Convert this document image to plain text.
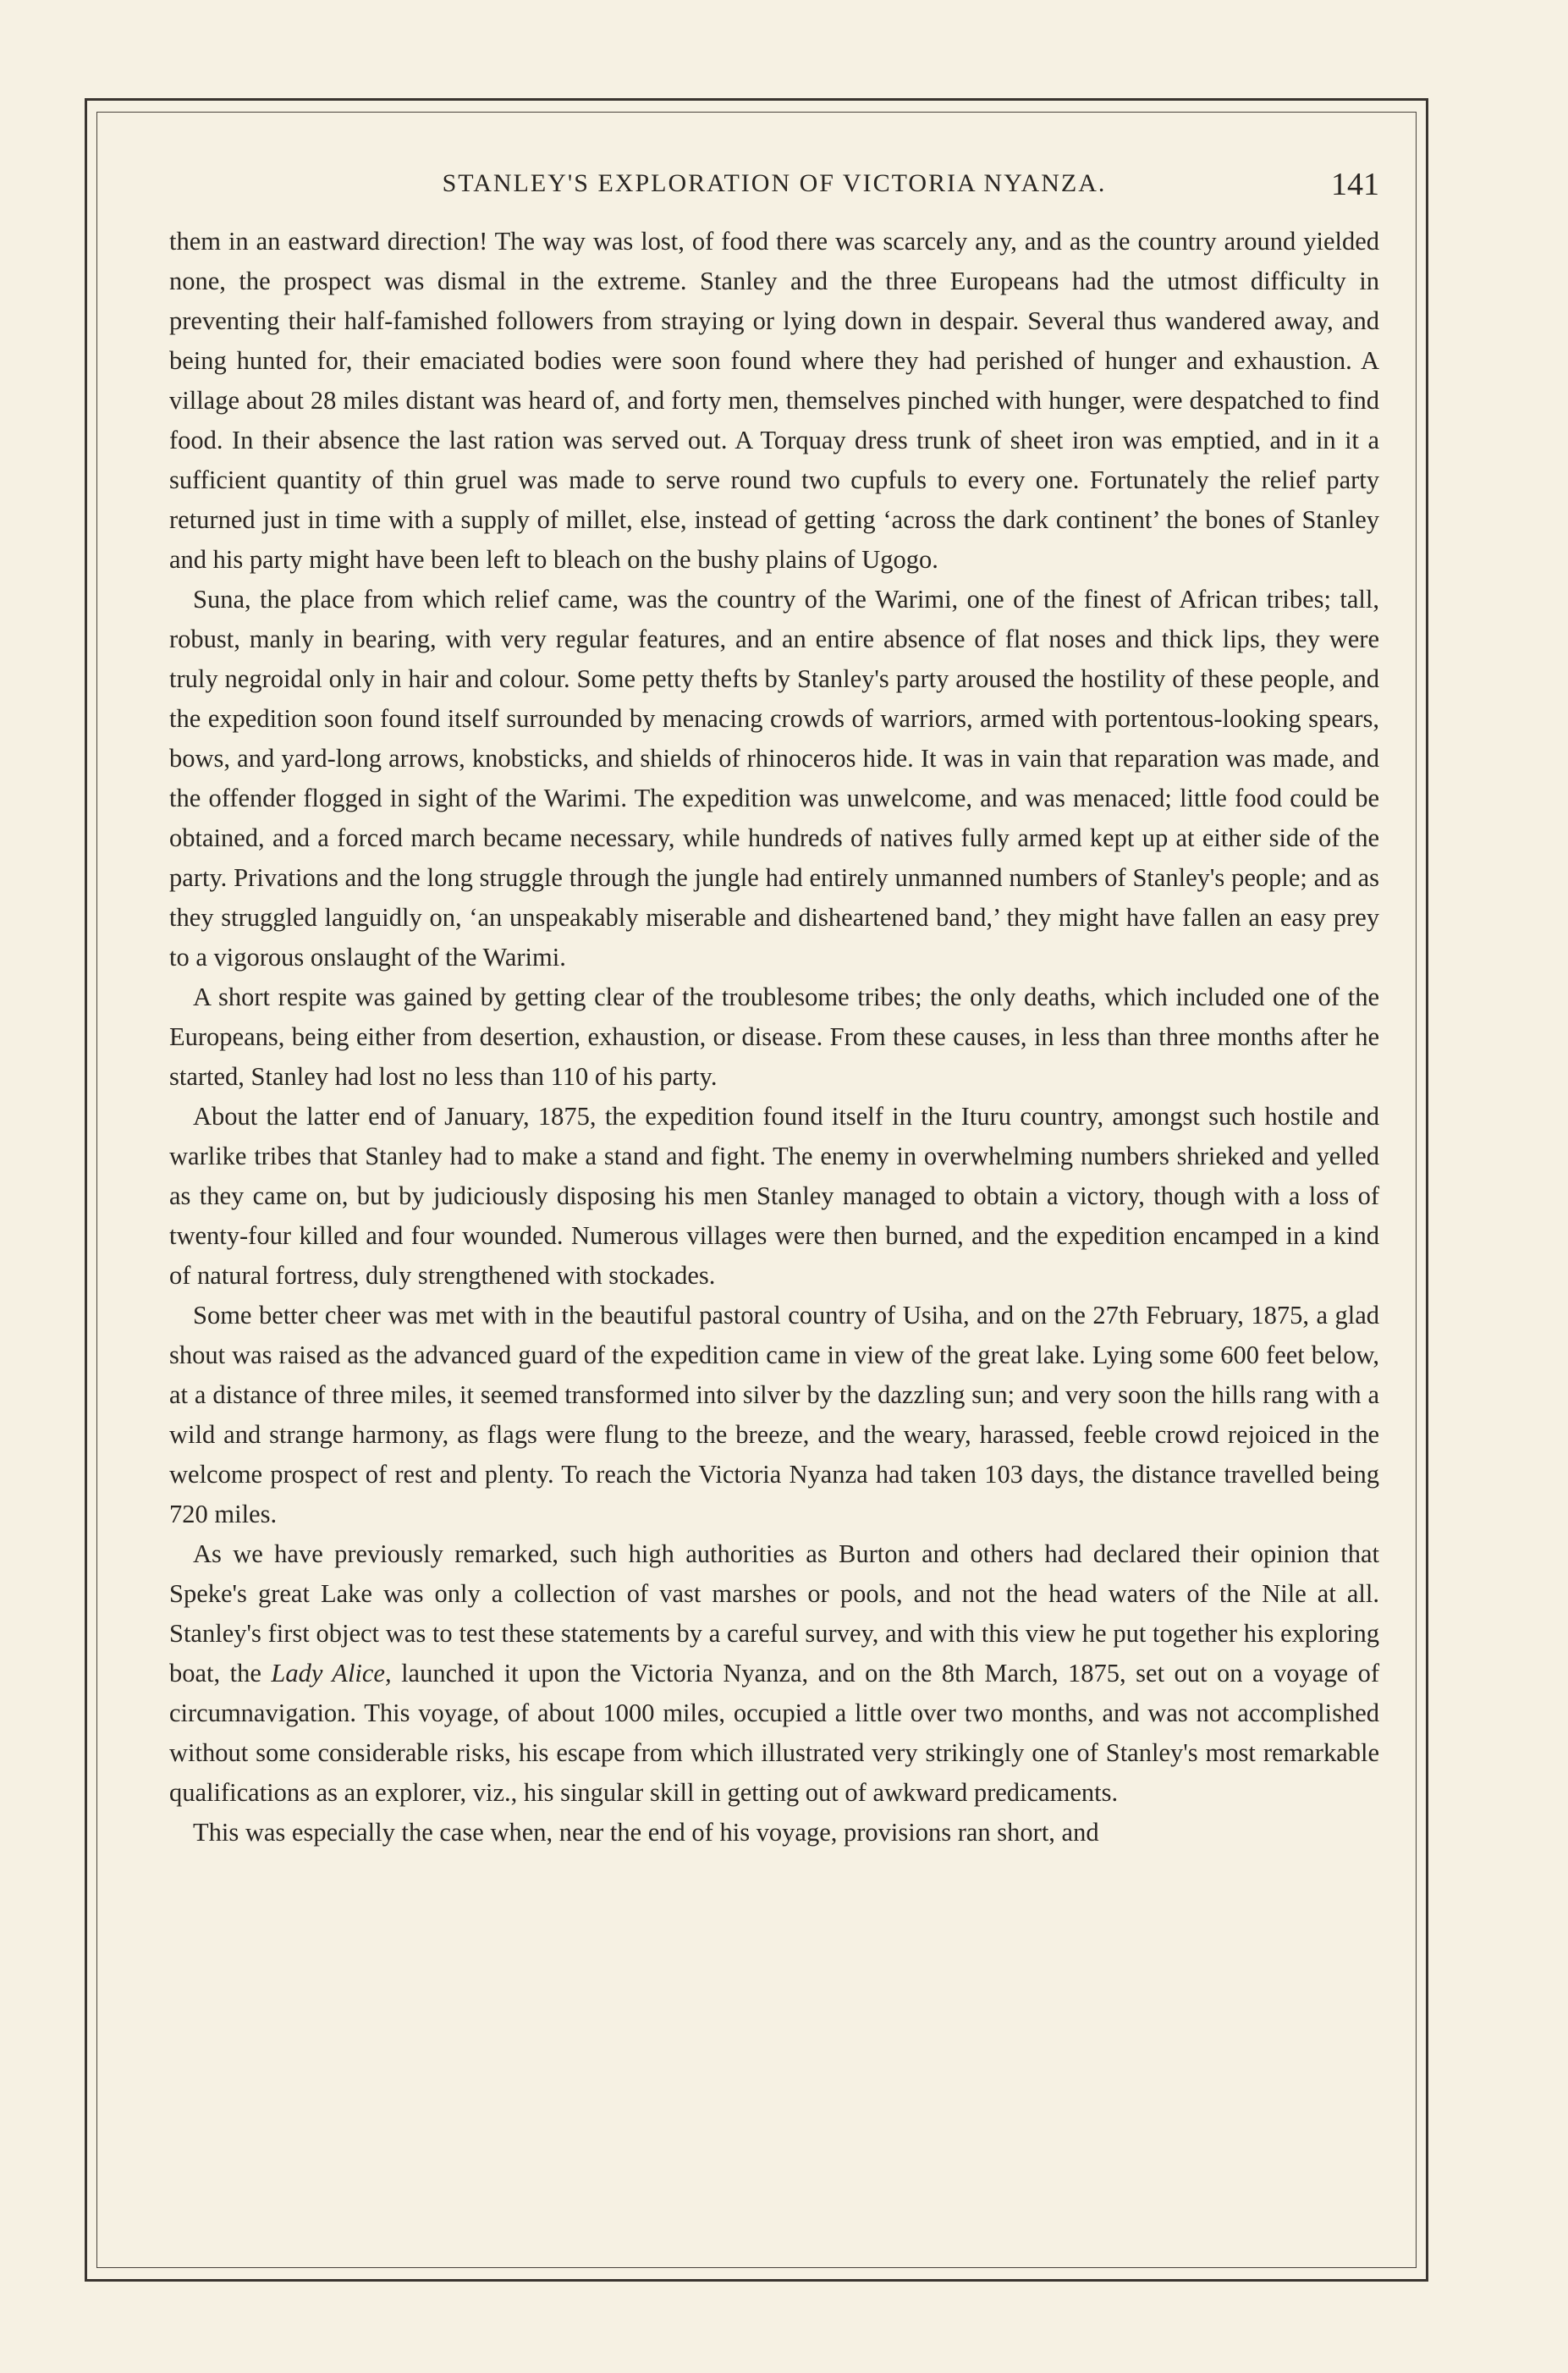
STANLEY'S EXPLORATION OF VICTORIA NYANZA.	141

them in an eastward direction! The way was lost, of food there was scarcely any, and as the country around yielded none, the prospect was dismal in the extreme. Stanley and the three Europeans had the utmost difficulty in preventing their half-famished followers from straying or lying down in despair. Several thus wandered away, and being hunted for, their emaciated bodies were soon found where they had perished of hunger and exhaustion. A village about 28 miles distant was heard of, and forty men, themselves pinched with hunger, were despatched to find food. In their absence the last ration was served out. A Torquay dress trunk of sheet iron was emptied, and in it a sufficient quantity of thin gruel was made to serve round two cupfuls to every one. Fortunately the relief party returned just in time with a supply of millet, else, instead of getting ‘across the dark continent’ the bones of Stanley and his party might have been left to bleach on the bushy plains of Ugogo.

Suna, the place from which relief came, was the country of the Warimi, one of the finest of African tribes; tall, robust, manly in bearing, with very regular features, and an entire absence of flat noses and thick lips, they were truly negroidal only in hair and colour. Some petty thefts by Stanley's party aroused the hostility of these people, and the expedition soon found itself surrounded by menacing crowds of warriors, armed with portentous-looking spears, bows, and yard-long arrows, knobsticks, and shields of rhinoceros hide. It was in vain that reparation was made, and the offender flogged in sight of the Warimi. The expedition was unwelcome, and was menaced; little food could be obtained, and a forced march became necessary, while hundreds of natives fully armed kept up at either side of the party. Privations and the long struggle through the jungle had entirely unmanned numbers of Stanley's people; and as they struggled languidly on, ‘an unspeakably miserable and disheartened band,’ they might have fallen an easy prey to a vigorous onslaught of the Warimi.

A short respite was gained by getting clear of the troublesome tribes; the only deaths, which included one of the Europeans, being either from desertion, exhaustion, or disease. From these causes, in less than three months after he started, Stanley had lost no less than 110 of his party.

About the latter end of January, 1875, the expedition found itself in the Ituru country, amongst such hostile and warlike tribes that Stanley had to make a stand and fight. The enemy in overwhelming numbers shrieked and yelled as they came on, but by judiciously disposing his men Stanley managed to obtain a victory, though with a loss of twenty-four killed and four wounded. Numerous villages were then burned, and the expedition encamped in a kind of natural fortress, duly strengthened with stockades.

Some better cheer was met with in the beautiful pastoral country of Usiha, and on the 27th February, 1875, a glad shout was raised as the advanced guard of the expedition came in view of the great lake. Lying some 600 feet below, at a distance of three miles, it seemed transformed into silver by the dazzling sun; and very soon the hills rang with a wild and strange harmony, as flags were flung to the breeze, and the weary, harassed, feeble crowd rejoiced in the welcome prospect of rest and plenty. To reach the Victoria Nyanza had taken 103 days, the distance travelled being 720 miles.

As we have previously remarked, such high authorities as Burton and others had declared their opinion that Speke's great Lake was only a collection of vast marshes or pools, and not the head waters of the Nile at all. Stanley's first object was to test these statements by a careful survey, and with this view he put together his exploring boat, the Lady Alice, launched it upon the Victoria Nyanza, and on the 8th March, 1875, set out on a voyage of circumnavigation. This voyage, of about 1000 miles, occupied a little over two months, and was not accomplished without some considerable risks, his escape from which illustrated very strikingly one of Stanley's most remarkable qualifications as an explorer, viz., his singular skill in getting out of awkward predicaments.

This was especially the case when, near the end of his voyage, provisions ran short, and
